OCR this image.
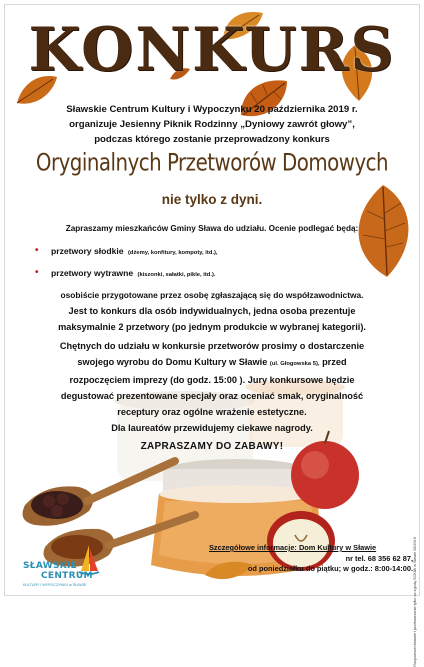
KONKURS
Sławskie Centrum Kultury i Wypoczynku 20 października 2019 r.
organizuje Jesienny Piknik Rodzinny „Dyniowy zawrót głowy”,
podczas którego zostanie przeprowadzony konkurs
Oryginalnych Przetworów Domowych
nie tylko z dyni.
Zapraszamy mieszkańców Gminy Sława do udziału. Ocenie podlegać będą:
• przetwory słodkie (dżemy, konfitury, kompoty, itd.),
• przetwory wytrawne (kiszonki, sałatki, pikle, itd.).
osobiście przygotowane przez osobę zgłaszającą się do współzawodnictwa.
Jest to konkurs dla osób indywidualnych, jedna osoba prezentuje
maksymalnie 2 przetwory (po jednym produkcie w wybranej kategorii).
Chętnych do udziału w konkursie przetworów prosimy o dostarczenie
swojego wyrobu do Domu Kultury w Sławie (ul. Głogowska 5), przed
rozpoczęciem imprezy (do godz. 15:00 ). Jury konkursowe będzie
degustować prezentowane specjały oraz oceniać smak, oryginalność
receptury oraz ogólne wrażenie estetyczne.
Dla laureatów przewidujemy ciekawe nagrody.
ZAPRASZAMY DO ZABAWY!
SŁAWSKIE
CENTRUM
KULTURY I WYPOCZYNKU w SŁAWIE
Szczegółowe informacje: Dom Kultury w Sławie
nr tel. 68 356 62 87,
od poniedziałku do piątku; w godz.: 8:00-14:00. Rozpowszechnianie i przetwarzanie tylko za zgodą SCKiW w Sławie 06/2019
